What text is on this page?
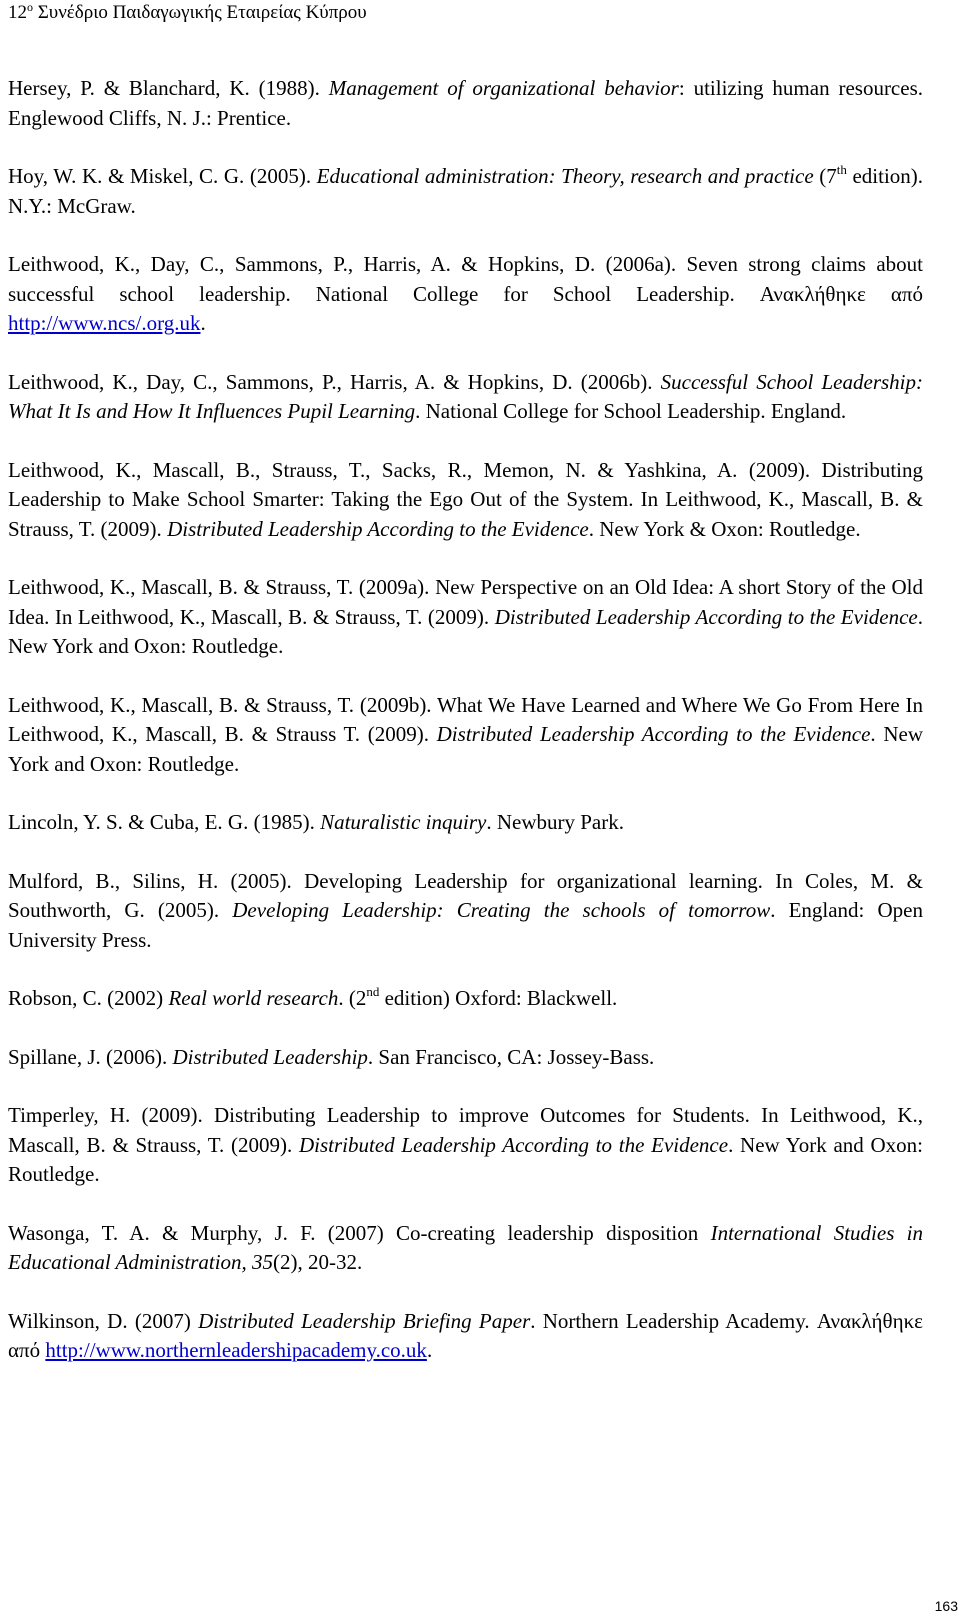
$12^o$ Συνέδριο Παιδαγωγικής Εταιρείας Κύπρου

Hersey, P. & Blanchard, K. (1988). Management of organizational behavior: utilizing human resources. Englewood Cliffs, N. J.: Prentice.

Hoy, W. K. & Miskel, C. G. (2005). Educational administration: Theory, research and practice (7th edition). N.Y.: McGraw.

Leithwood, K., Day, C., Sammons, P., Harris, A. & Hopkins, D. (2006a). Seven strong claims about successful school leadership. National College for School Leadership. Ανακλήθηκε από http://www.ncs/.org.uk.

Leithwood, K., Day, C., Sammons, P., Harris, A. & Hopkins, D. (2006b). Successful School Leadership: What It Is and How It Influences Pupil Learning. National College for School Leadership. England.

Leithwood, K., Mascall, B., Strauss, T., Sacks, R., Memon, N. & Yashkina, A. (2009). Distributing Leadership to Make School Smarter: Taking the Ego Out of the System. In Leithwood, K., Mascall, B. & Strauss, T. (2009). Distributed Leadership According to the Evidence. New York & Oxon: Routledge.

Leithwood, K., Mascall, B. & Strauss, T. (2009a). New Perspective on an Old Idea: A short Story of the Old Idea. In Leithwood, K., Mascall, B. & Strauss, T. (2009). Distributed Leadership According to the Evidence. New York and Oxon: Routledge.

Leithwood, K., Mascall, B. & Strauss, T. (2009b). What We Have Learned and Where We Go From Here In Leithwood, K., Mascall, B. & Strauss T. (2009). Distributed Leadership According to the Evidence. New York and Oxon: Routledge.

Lincoln, Y. S. & Cuba, E. G. (1985). Naturalistic inquiry. Newbury Park.

Mulford, B., Silins, H. (2005). Developing Leadership for organizational learning. In Coles, M. & Southworth, G. (2005). Developing Leadership: Creating the schools of tomorrow. England: Open University Press.

Robson, C. (2002) Real world research. (2nd edition) Oxford: Blackwell.

Spillane, J. (2006). Distributed Leadership. San Francisco, CA: Jossey-Bass.

Timperley, H. (2009). Distributing Leadership to improve Outcomes for Students. In Leithwood, K., Mascall, B. & Strauss, T. (2009). Distributed Leadership According to the Evidence. New York and Oxon: Routledge.

Wasonga, T. A. & Murphy, J. F. (2007) Co-creating leadership disposition International Studies in Educational Administration, 35(2), 20-32.

Wilkinson, D. (2007) Distributed Leadership Briefing Paper. Northern Leadership Academy. Ανακλήθηκε από http://www.northernleadershipacademy.co.uk.

163
